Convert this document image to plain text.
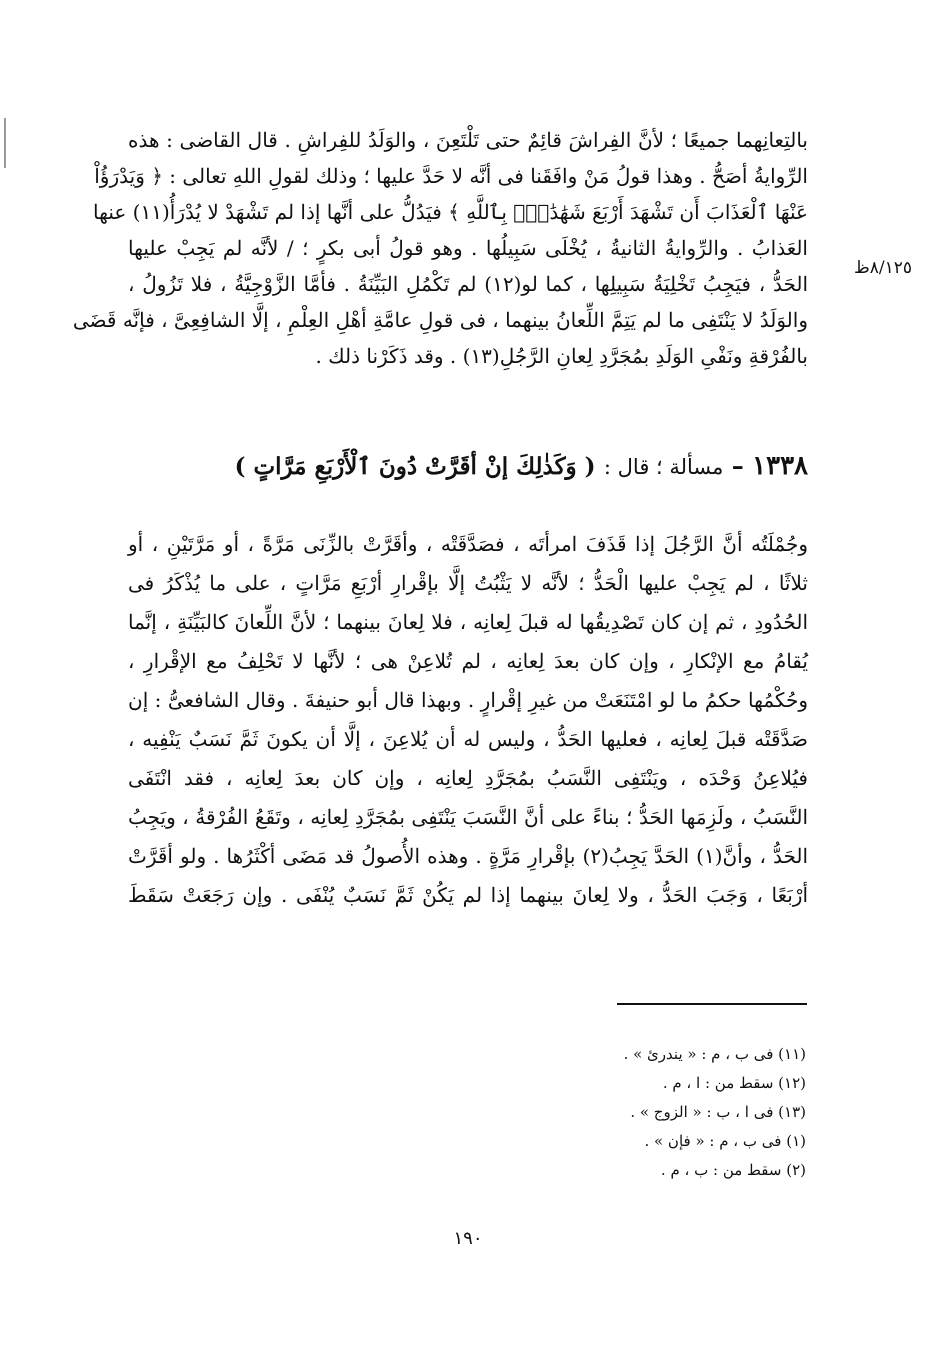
٨/١٢٥ظ
بالتِعانِهما جميعًا ؛ لأنَّ الفِراشَ قائِمٌ حتى تَلْتَعِنَ ، والوَلَدُ للفِراشِ . قال القاضى : هذه
الرِّوايةُ أصَحُّ . وهذا قولُ مَنْ وافَقَنا فى أنَّه لا حَدَّ عليها ؛ وذلك لقولِ اللهِ تعالى : ﴿ وَيَدْرَؤُاْ
عَنْهَا ٱلْعَذَابَ أَن تَشْهَدَ أَرْبَعَ شَهَٰدَٰتٍۭ بِٱللَّهِ ﴾ فيَدُلُّ على أنَّها إذا لم تَشْهَدْ لا يُدْرَأُ(١١) عنها
العَذابُ . والرِّوايةُ الثانيةُ ، يُخْلَى سَبِيلُها . وهو قولُ أبى بكرٍ ؛ / لأنَّه لم يَجِبْ عليها
الحَدُّ ، فيَجِبُ تَخْلِيَةُ سَبِيلِها ، كما لو(١٢) لم تَكْمُلِ البَيِّنَةُ . فأمَّا الزَّوْجِيَّةُ ، فلا تَزُولُ ،
والوَلَدُ لا يَنْتَفِى ما لم يَتِمَّ اللِّعانُ بينهما ، فى قولِ عامَّةِ أهْلِ العِلْمِ ، إلَّا الشافِعِىَّ ، فإنَّه قَضَى
بالفُرْقةِ ونَفْىِ الوَلَدِ بمُجَرَّدِ لِعانِ الرَّجُلِ(١٣) . وقد ذَكَرْنا ذلك .
١٣٣٨ – مسألة ؛ قال : ( وَكَذٰلِكَ إنْ أقَرَّتْ دُونَ ٱلْأَرْبَعِ مَرَّاتٍ )
وجُمْلَتُه أنَّ الرَّجُلَ إذا قَذَفَ امرأتَه ، فصَدَّقَتْه ، وأقَرَّتْ بالزِّنَى مَرَّةً ، أو مَرَّتَيْنِ ، أو
ثلاثًا ، لم يَجِبْ عليها الْحَدُّ ؛ لأنَّه لا يَثْبُتُ إلَّا بإقْرارِ أرْبَعِ مَرَّاتٍ ، على ما يُذْكَرُ فى
الحُدُودِ ، ثم إن كان تَصْدِيقُها له قبلَ لِعانِه ، فلا لِعانَ بينهما ؛ لأنَّ اللِّعانَ كالبَيِّنَةِ ، إنَّما
يُقامُ مع الإنْكارِ ، وإن كان بعدَ لِعانِه ، لم تُلاعِنْ هى ؛ لأنَّها لا تَحْلِفُ مع الإقْرارِ ،
وحُكْمُها حكمُ ما لو امْتَنَعَتْ من غيرِ إقْرارٍ . وبهذا قال أبو حنيفةَ . وقال الشافعىُّ : إن
صَدَّقَتْه قبلَ لِعانِه ، فعليها الحَدُّ ، وليس له أن يُلاعِنَ ، إلَّا أن يكونَ ثَمَّ نَسَبٌ يَنْفِيه ،
فيُلاعِنُ وَحْدَه ، ويَنْتَفِى النَّسَبُ بمُجَرَّدِ لِعانِه ، وإن كان بعدَ لِعانِه ، فقد انْتَفَى
النَّسَبُ ، ولَزِمَها الحَدُّ ؛ بناءً على أنَّ النَّسَبَ يَنْتَفِى بمُجَرَّدِ لِعانِه ، وتَقَعُ الفُرْقةُ ، ويَجِبُ
الحَدُّ ، وأنَّ(١) الحَدَّ يَجِبُ(٢) بإقْرارِ مَرَّةٍ . وهذه الأُصولُ قد مَضَى أكْثَرُها . ولو أقَرَّتْ
أرْبَعًا ، وَجَبَ الحَدُّ ، ولا لِعانَ بينهما إذا لم يَكُنْ ثَمَّ نَسَبٌ يُنْفَى . وإن رَجَعَتْ سَقَطَ
(١١) فى ب ، م : « يندرئ » .
(١٢) سقط من : ا ، م .
(١٣) فى ا ، ب : « الزوج » .
(١) فى ب ، م : « فإن » .
(٢) سقط من : ب ، م .
١٩٠
